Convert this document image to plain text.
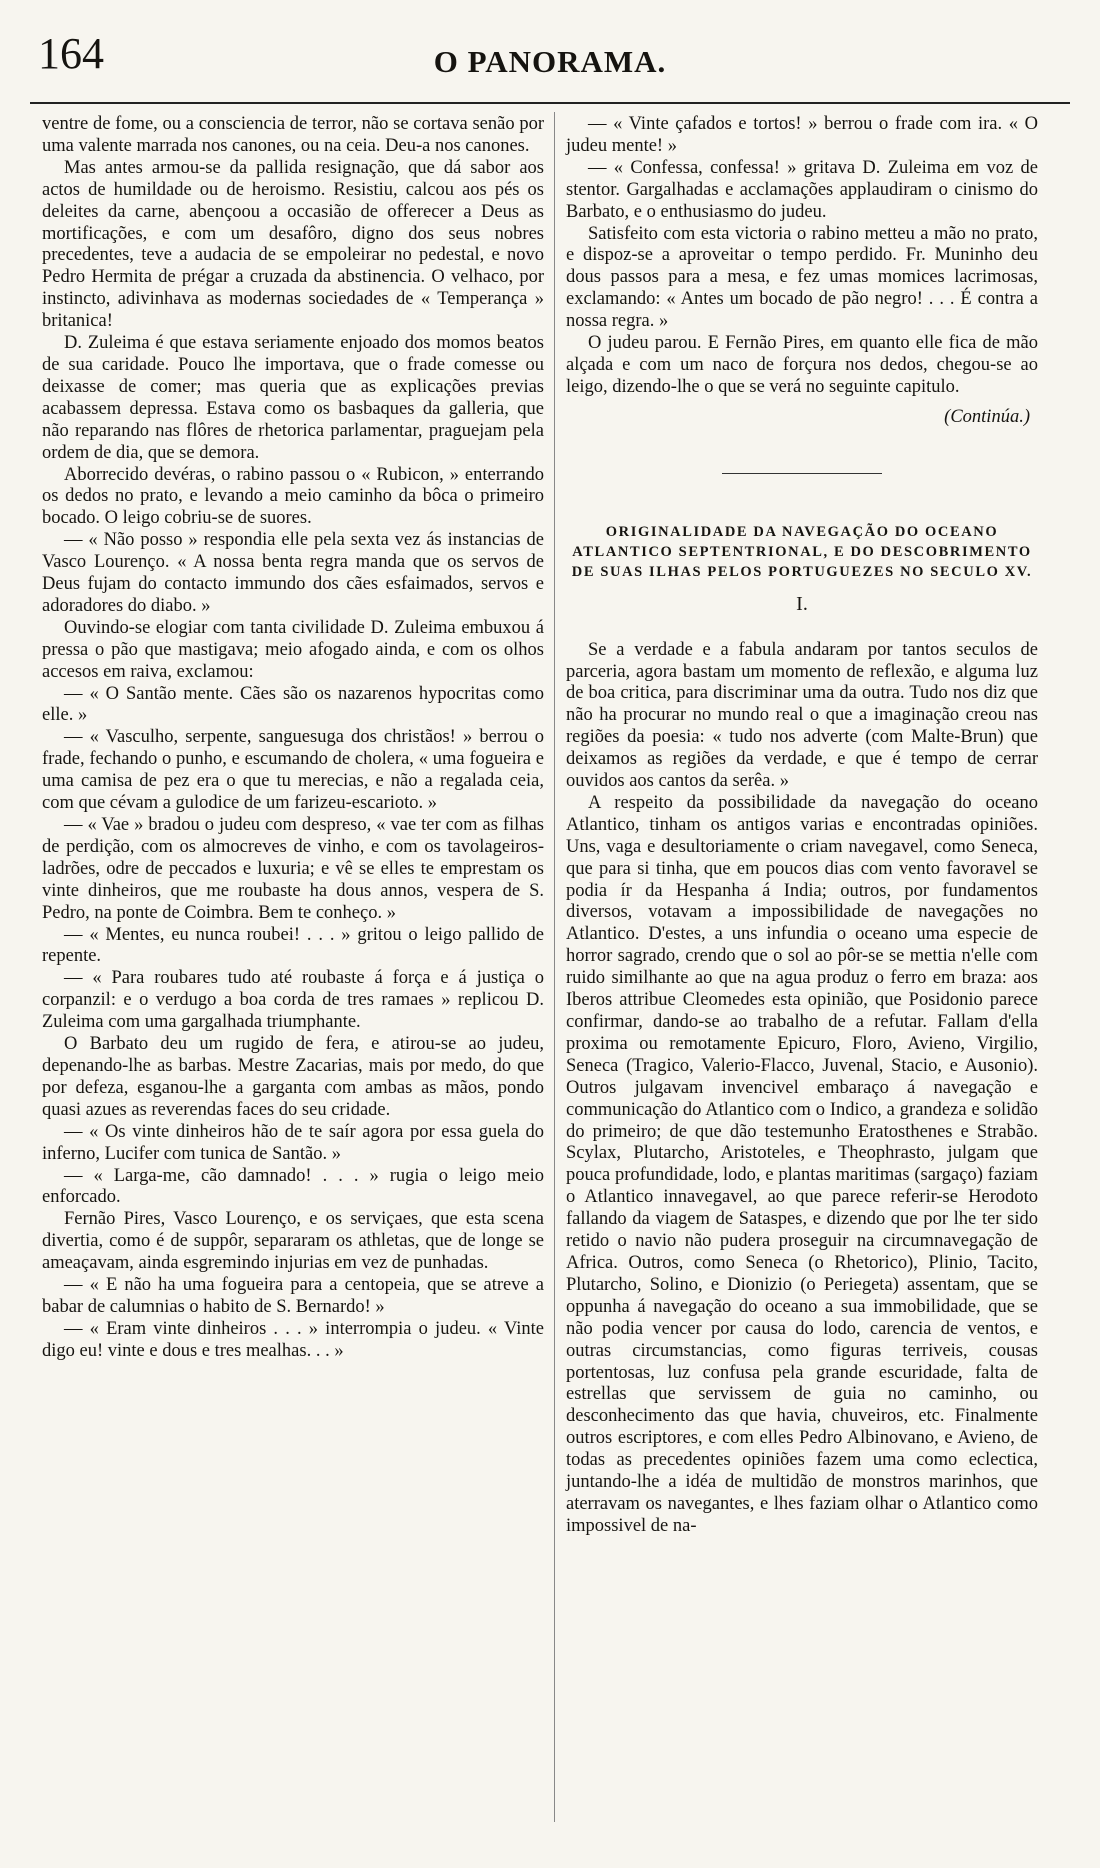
164	O PANORAMA.

ventre de fome, ou a consciencia de terror, não se cortava senão por uma valente marrada nos canones, ou na ceia. Deu-a nos canones.

Mas antes armou-se da pallida resignação, que dá sabor aos actos de humildade ou de heroismo. Resistiu, calcou aos pés os deleites da carne, abençoou a occasião de offerecer a Deus as mortificações, e com um desafôro, digno dos seus nobres precedentes, teve a audacia de se empoleirar no pedestal, e novo Pedro Hermita de prégar a cruzada da abstinencia. O velhaco, por instincto, adivinhava as modernas sociedades de « Temperança » britanica!

D. Zuleima é que estava seriamente enjoado dos momos beatos de sua caridade. Pouco lhe importava, que o frade comesse ou deixasse de comer; mas queria que as explicações previas acabassem depressa. Estava como os basbaques da galleria, que não reparando nas flôres de rhetorica parlamentar, praguejam pela ordem de dia, que se demora.

Aborrecido devéras, o rabino passou o « Rubicon, » enterrando os dedos no prato, e levando a meio caminho da bôca o primeiro bocado. O leigo cobriu-se de suores.

— « Não posso » respondia elle pela sexta vez ás instancias de Vasco Lourenço. « A nossa benta regra manda que os servos de Deus fujam do contacto immundo dos cães esfaimados, servos e adoradores do diabo. »

Ouvindo-se elogiar com tanta civilidade D. Zuleima embuxou á pressa o pão que mastigava; meio afogado ainda, e com os olhos accesos em raiva, exclamou:

— « O Santão mente. Cães são os nazarenos hypocritas como elle. »

— « Vasculho, serpente, sanguesuga dos christãos! » berrou o frade, fechando o punho, e escumando de cholera, « uma fogueira e uma camisa de pez era o que tu merecias, e não a regalada ceia, com que cévam a gulodice de um farizeu-escarioto. »

— « Vae » bradou o judeu com despreso, « vae ter com as filhas de perdição, com os almocreves de vinho, e com os tavolageiros-ladrões, odre de peccados e luxuria; e vê se elles te emprestam os vinte dinheiros, que me roubaste ha dous annos, vespera de S. Pedro, na ponte de Coimbra. Bem te conheço. »

— « Mentes, eu nunca roubei! . . . » gritou o leigo pallido de repente.

— « Para roubares tudo até roubaste á força e á justiça o corpanzil: e o verdugo a boa corda de tres ramaes » replicou D. Zuleima com uma gargalhada triumphante.

O Barbato deu um rugido de fera, e atirou-se ao judeu, depenando-lhe as barbas. Mestre Zacarias, mais por medo, do que por defeza, esganou-lhe a garganta com ambas as mãos, pondo quasi azues as reverendas faces do seu cridade.

— « Os vinte dinheiros hão de te saír agora por essa guela do inferno, Lucifer com tunica de Santão. »

— « Larga-me, cão damnado! . . . » rugia o leigo meio enforcado.

Fernão Pires, Vasco Lourenço, e os serviçaes, que esta scena divertia, como é de suppôr, separaram os athletas, que de longe se ameaçavam, ainda esgremindo injurias em vez de punhadas.

— « E não ha uma fogueira para a centopeia, que se atreve a babar de calumnias o habito de S. Bernardo! »

— « Eram vinte dinheiros . . . » interrompia o judeu. « Vinte digo eu! vinte e dous e tres mealhas. . . »

— « Vinte çafados e tortos! » berrou o frade com ira. « O judeu mente! »

— « Confessa, confessa! » gritava D. Zuleima em voz de stentor. Gargalhadas e acclamações applaudiram o cinismo do Barbato, e o enthusiasmo do judeu.

Satisfeito com esta victoria o rabino metteu a mão no prato, e dispoz-se a aproveitar o tempo perdido. Fr. Muninho deu dous passos para a mesa, e fez umas momices lacrimosas, exclamando: « Antes um bocado de pão negro! . . . É contra a nossa regra. »

O judeu parou. E Fernão Pires, em quanto elle fica de mão alçada e com um naco de forçura nos dedos, chegou-se ao leigo, dizendo-lhe o que se verá no seguinte capitulo.

(Continúa.)
ORIGINALIDADE DA NAVEGAÇÃO DO OCEANO ATLANTICO SEPTENTRIONAL, E DO DESCOBRIMENTO DE SUAS ILHAS PELOS PORTUGUEZES NO SECULO XV.
I.

Se a verdade e a fabula andaram por tantos seculos de parceria, agora bastam um momento de reflexão, e alguma luz de boa critica, para discriminar uma da outra. Tudo nos diz que não ha procurar no mundo real o que a imaginação creou nas regiões da poesia: « tudo nos adverte (com Malte-Brun) que deixamos as regiões da verdade, e que é tempo de cerrar ouvidos aos cantos da serêa. »

A respeito da possibilidade da navegação do oceano Atlantico, tinham os antigos varias e encontradas opiniões. Uns, vaga e desultoriamente o criam navegavel, como Seneca, que para si tinha, que em poucos dias com vento favoravel se podia ír da Hespanha á India; outros, por fundamentos diversos, votavam a impossibilidade de navegações no Atlantico. D'estes, a uns infundia o oceano uma especie de horror sagrado, crendo que o sol ao pôr-se se mettia n'elle com ruido similhante ao que na agua produz o ferro em braza: aos Iberos attribue Cleomedes esta opinião, que Posidonio parece confirmar, dando-se ao trabalho de a refutar. Fallam d'ella proxima ou remotamente Epicuro, Floro, Avieno, Virgilio, Seneca (Tragico, Valerio-Flacco, Juvenal, Stacio, e Ausonio). Outros julgavam invencivel embaraço á navegação e communicação do Atlantico com o Indico, a grandeza e solidão do primeiro; de que dão testemunho Eratosthenes e Strabão. Scylax, Plutarcho, Aristoteles, e Theophrasto, julgam que pouca profundidade, lodo, e plantas maritimas (sargaço) faziam o Atlantico innavegavel, ao que parece referir-se Herodoto fallando da viagem de Sataspes, e dizendo que por lhe ter sido retido o navio não pudera proseguir na circumnavegação de Africa. Outros, como Seneca (o Rhetorico), Plinio, Tacito, Plutarcho, Solino, e Dionizio (o Periegeta) assentam, que se oppunha á navegação do oceano a sua immobilidade, que se não podia vencer por causa do lodo, carencia de ventos, e outras circumstancias, como figuras terriveis, cousas portentosas, luz confusa pela grande escuridade, falta de estrellas que servissem de guia no caminho, ou desconhecimento das que havia, chuveiros, etc. Finalmente outros escriptores, e com elles Pedro Albinovano, e Avieno, de todas as precedentes opiniões fazem uma como eclectica, juntando-lhe a idéa de multidão de monstros marinhos, que aterravam os navegantes, e lhes faziam olhar o Atlantico como impossivel de na-
